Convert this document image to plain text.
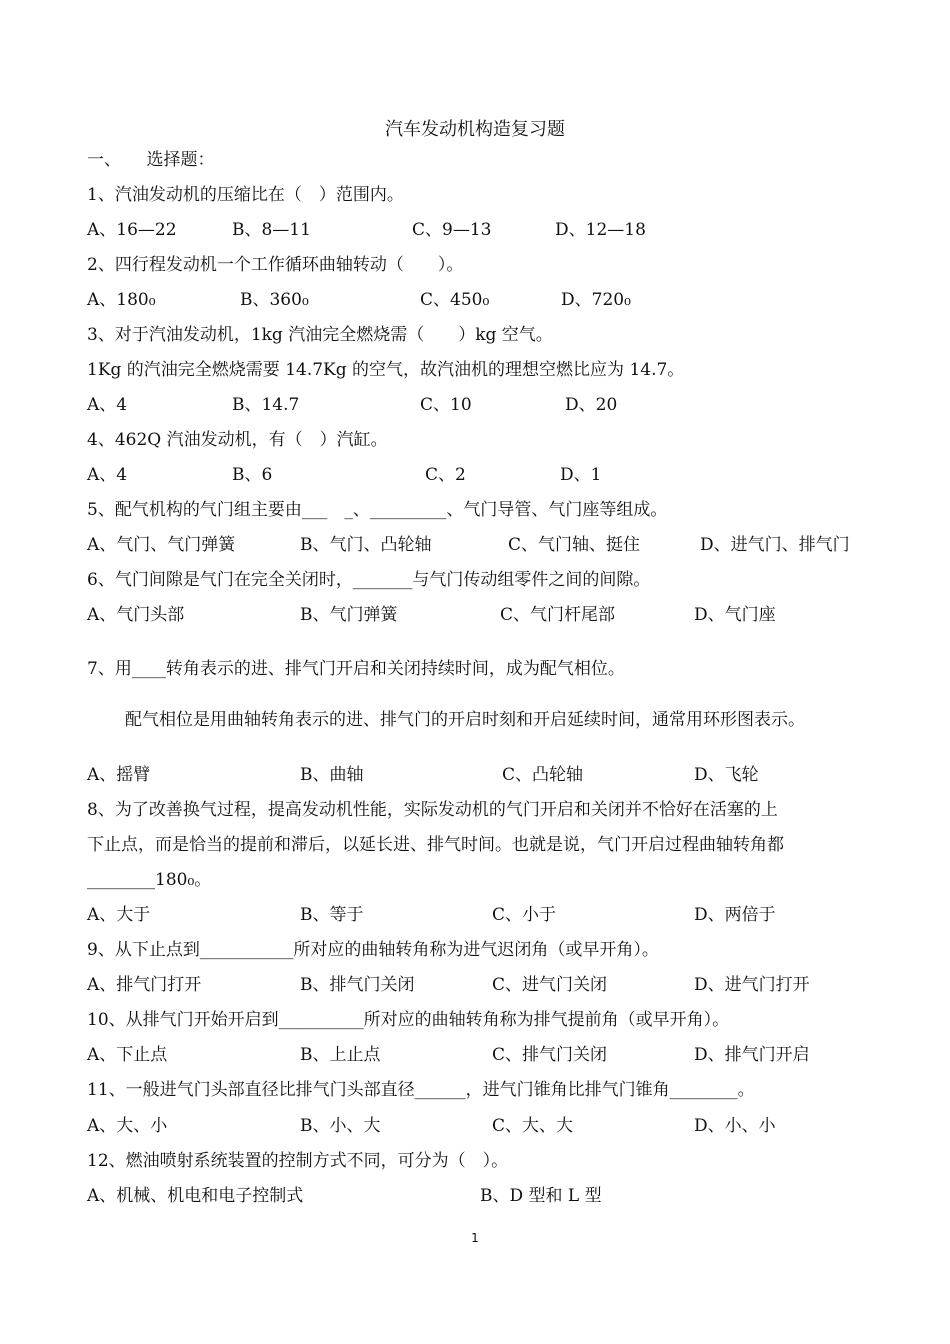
汽车发动机构造复习题
一、　　选择题：
1、汽油发动机的压缩比在（　）范围内。
A、16—22	B、8—11	C、9—13	D、12—18
2、四行程发动机一个工作循环曲轴转动（　　）。
A、180₀	B、360₀	C、450₀	D、720₀
3、对于汽油发动机，1kg 汽油完全燃烧需（　　）kg 空气。
1Kg 的汽油完全燃烧需要 14.7Kg 的空气，故汽油机的理想空燃比应为 14.7。
A、4	B、14.7	C、10	D、20
4、462Q 汽油发动机，有（　）汽缸。
A、4	B、6	C、2	D、1
5、配气机构的气门组主要由___　_、_________、气门导管、气门座等组成。
A、气门、气门弹簧	B、气门、凸轮轴	C、气门轴、挺住	D、进气门、排气门
6、气门间隙是气门在完全关闭时，_______与气门传动组零件之间的间隙。
A、气门头部	B、气门弹簧	C、气门杆尾部	D、气门座
7、用____转角表示的进、排气门开启和关闭持续时间，成为配气相位。
配气相位是用曲轴转角表示的进、排气门的开启时刻和开启延续时间，通常用环形图表示。
A、摇臂	B、曲轴	C、凸轮轴	D、飞轮
8、为了改善换气过程，提高发动机性能，实际发动机的气门开启和关闭并不恰好在活塞的上
下止点，而是恰当的提前和滞后，以延长进、排气时间。也就是说，气门开启过程曲轴转角都
________180₀。
A、大于	B、等于	C、小于	D、两倍于
9、从下止点到___________所对应的曲轴转角称为进气迟闭角（或早开角）。
A、排气门打开	B、排气门关闭	C、进气门关闭	D、进气门打开
10、从排气门开始开启到__________所对应的曲轴转角称为排气提前角（或早开角）。
A、下止点	B、上止点	C、排气门关闭	D、排气门开启
11、一般进气门头部直径比排气门头部直径______，进气门锥角比排气门锥角________。
A、大、小	B、小、大	C、大、大	D、小、小
12、燃油喷射系统装置的控制方式不同，可分为（　）。
A、机械、机电和电子控制式	B、D 型和 L 型
1
